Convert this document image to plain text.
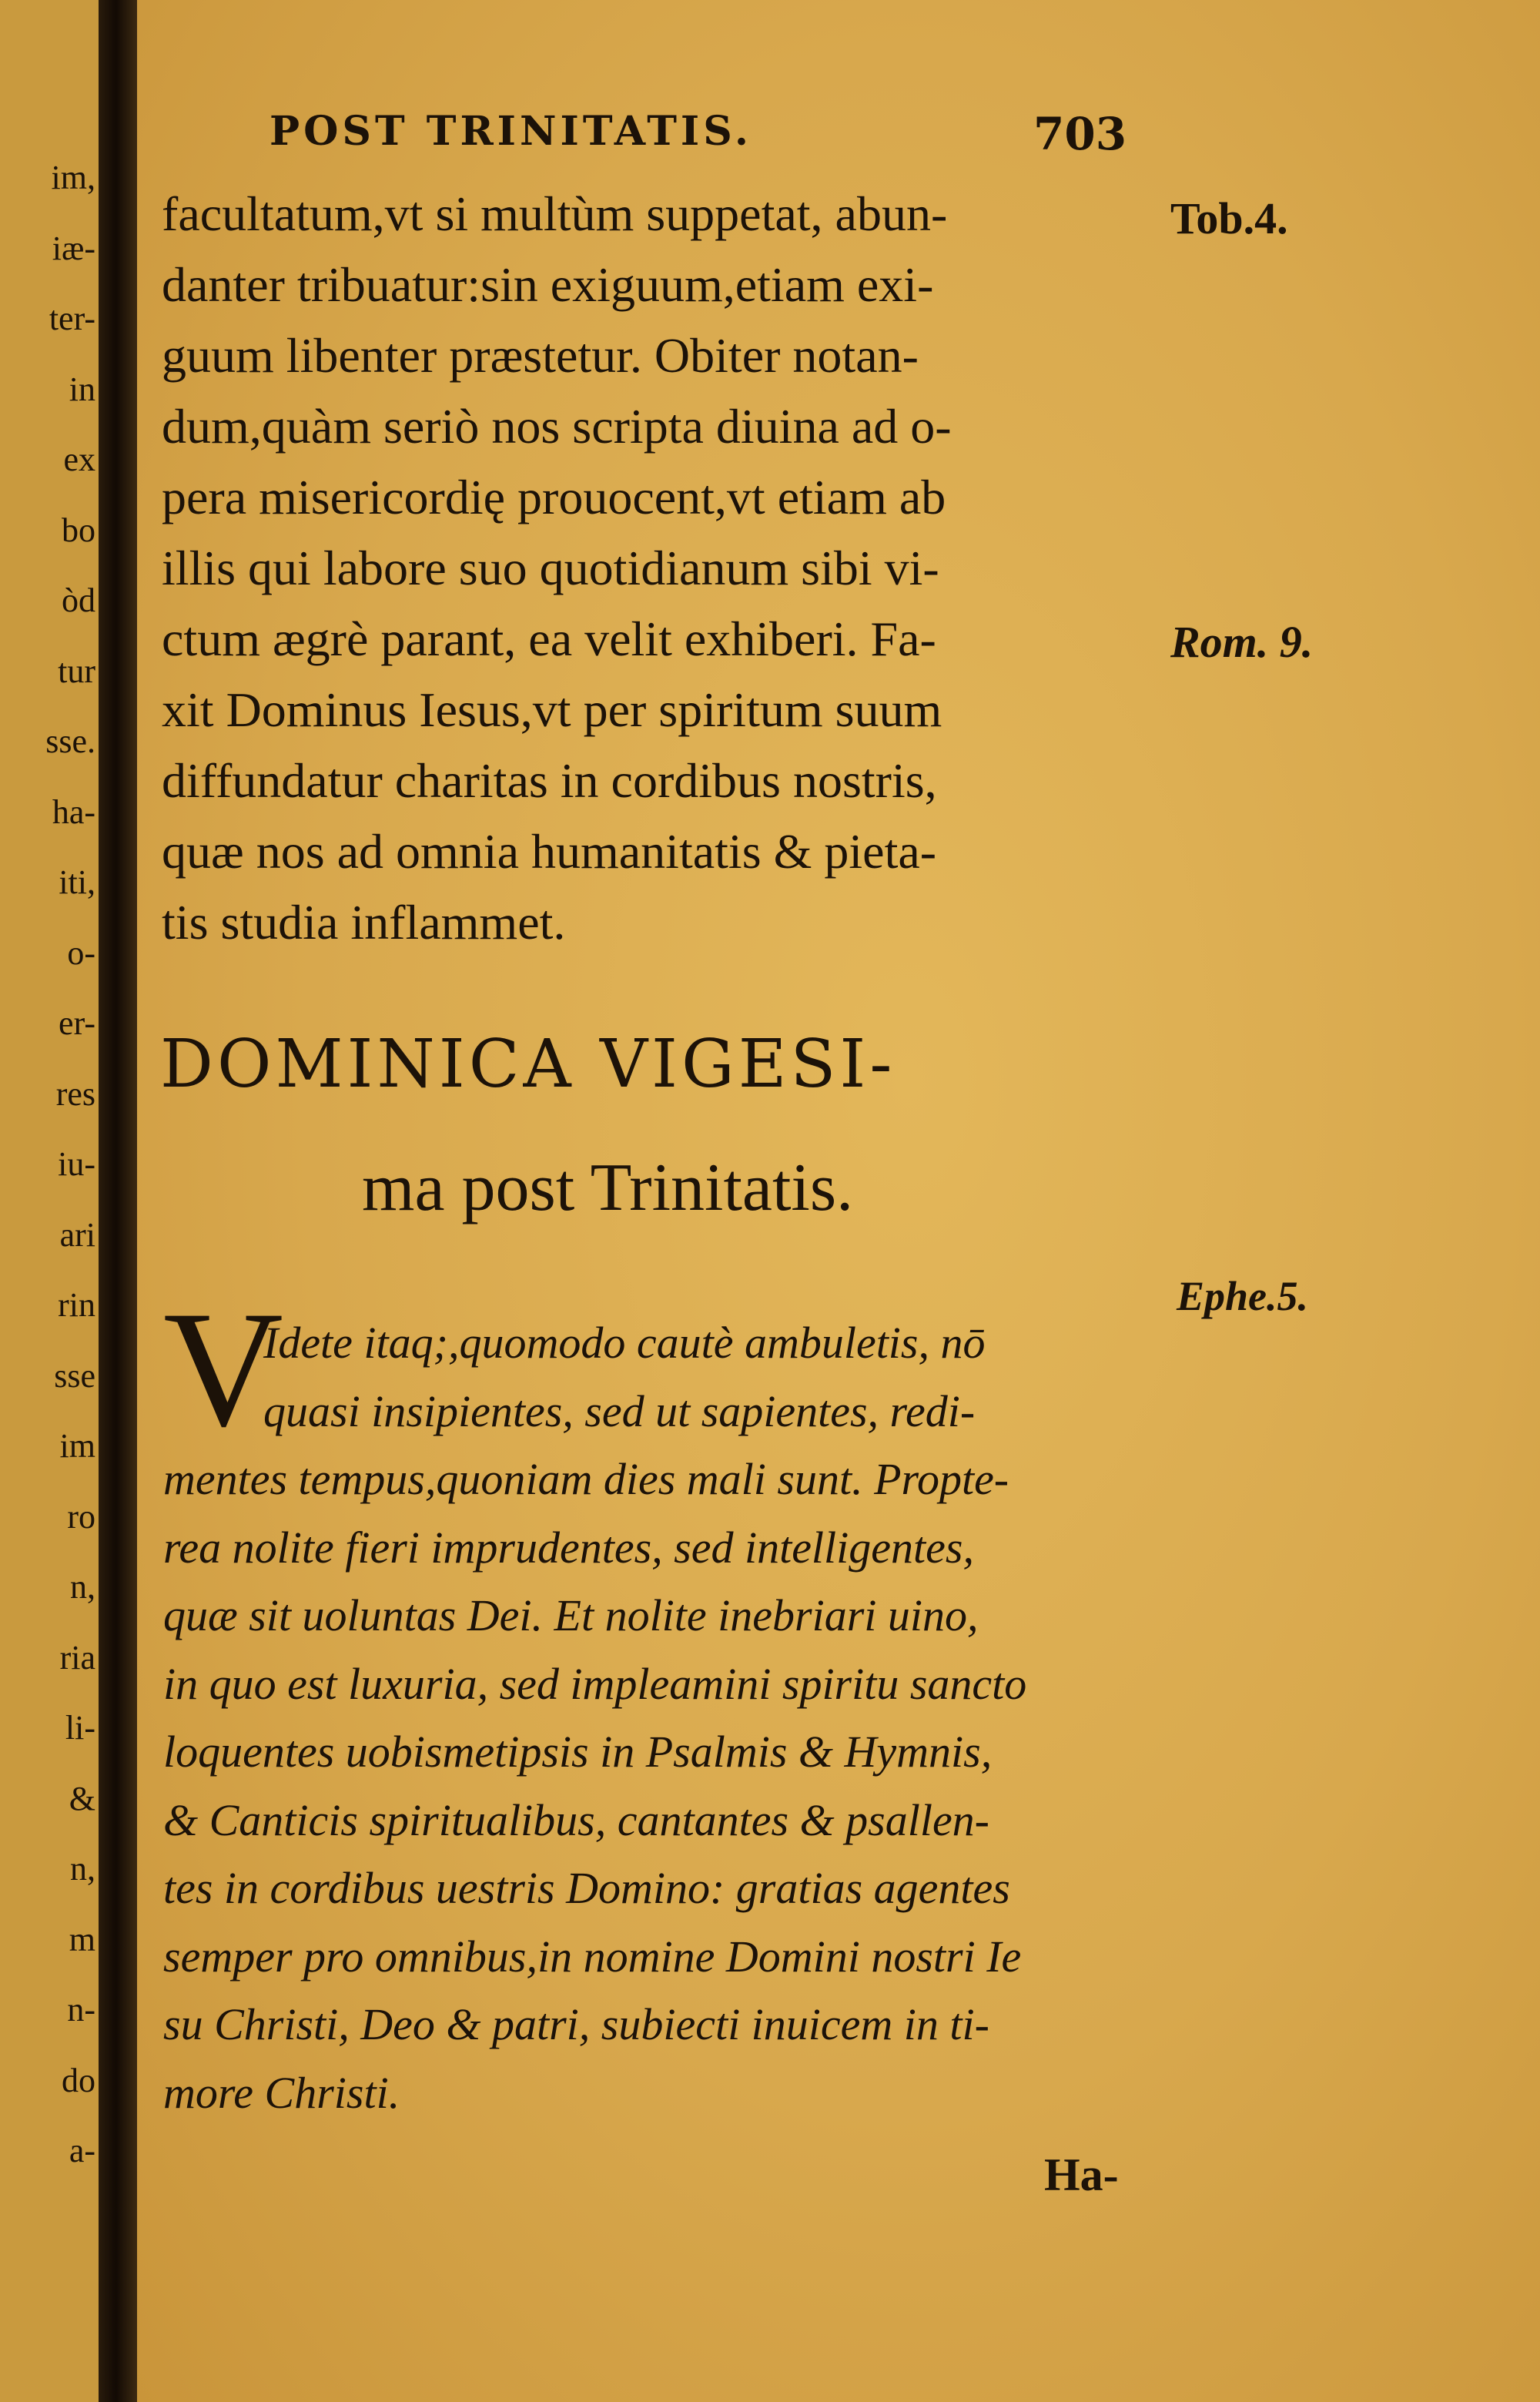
im,
iæ-
ter-
in
ex
bo
òd
tur
sse.
ha-
iti,
o-
er-
res
iu-
ari
rin
sse
im
ro
n,
ria
li-
&
n,
m
n-
do
a-
POST TRINITATIS.	703
facultatum,vt si multùm suppetat, abun-
danter tribuatur:sin exiguum,etiam exi-
guum libenter præstetur. Obiter notan-
dum,quàm seriò nos scripta diuina ad o-
pera misericordię prouocent,vt etiam ab
illis qui labore suo quotidianum sibi vi-
ctum ægrè parant, ea velit exhiberi. Fa-
xit Dominus Iesus,vt per spiritum suum
diffundatur charitas in cordibus nostris,
quæ nos ad omnia humanitatis & pieta-
tis studia inflammet.
Tob.4.
Rom. 9.
DOMINICA VIGESI-
ma post Trinitatis.
Ephe.5.
V
Idete itaq;,quomodo cautè ambuletis, nō
quasi insipientes, sed ut sapientes, redi-
mentes tempus,quoniam dies mali sunt. Propte-
rea nolite fieri imprudentes, sed intelligentes,
quæ sit uoluntas Dei. Et nolite inebriari uino,
in quo est luxuria, sed impleamini spiritu sancto
loquentes uobismetipsis in Psalmis & Hymnis,
& Canticis spiritualibus, cantantes & psallen-
tes in cordibus uestris Domino: gratias agentes
semper pro omnibus,in nomine Domini nostri Ie
su Christi, Deo & patri, subiecti inuicem in ti-
more Christi.
Ha-
